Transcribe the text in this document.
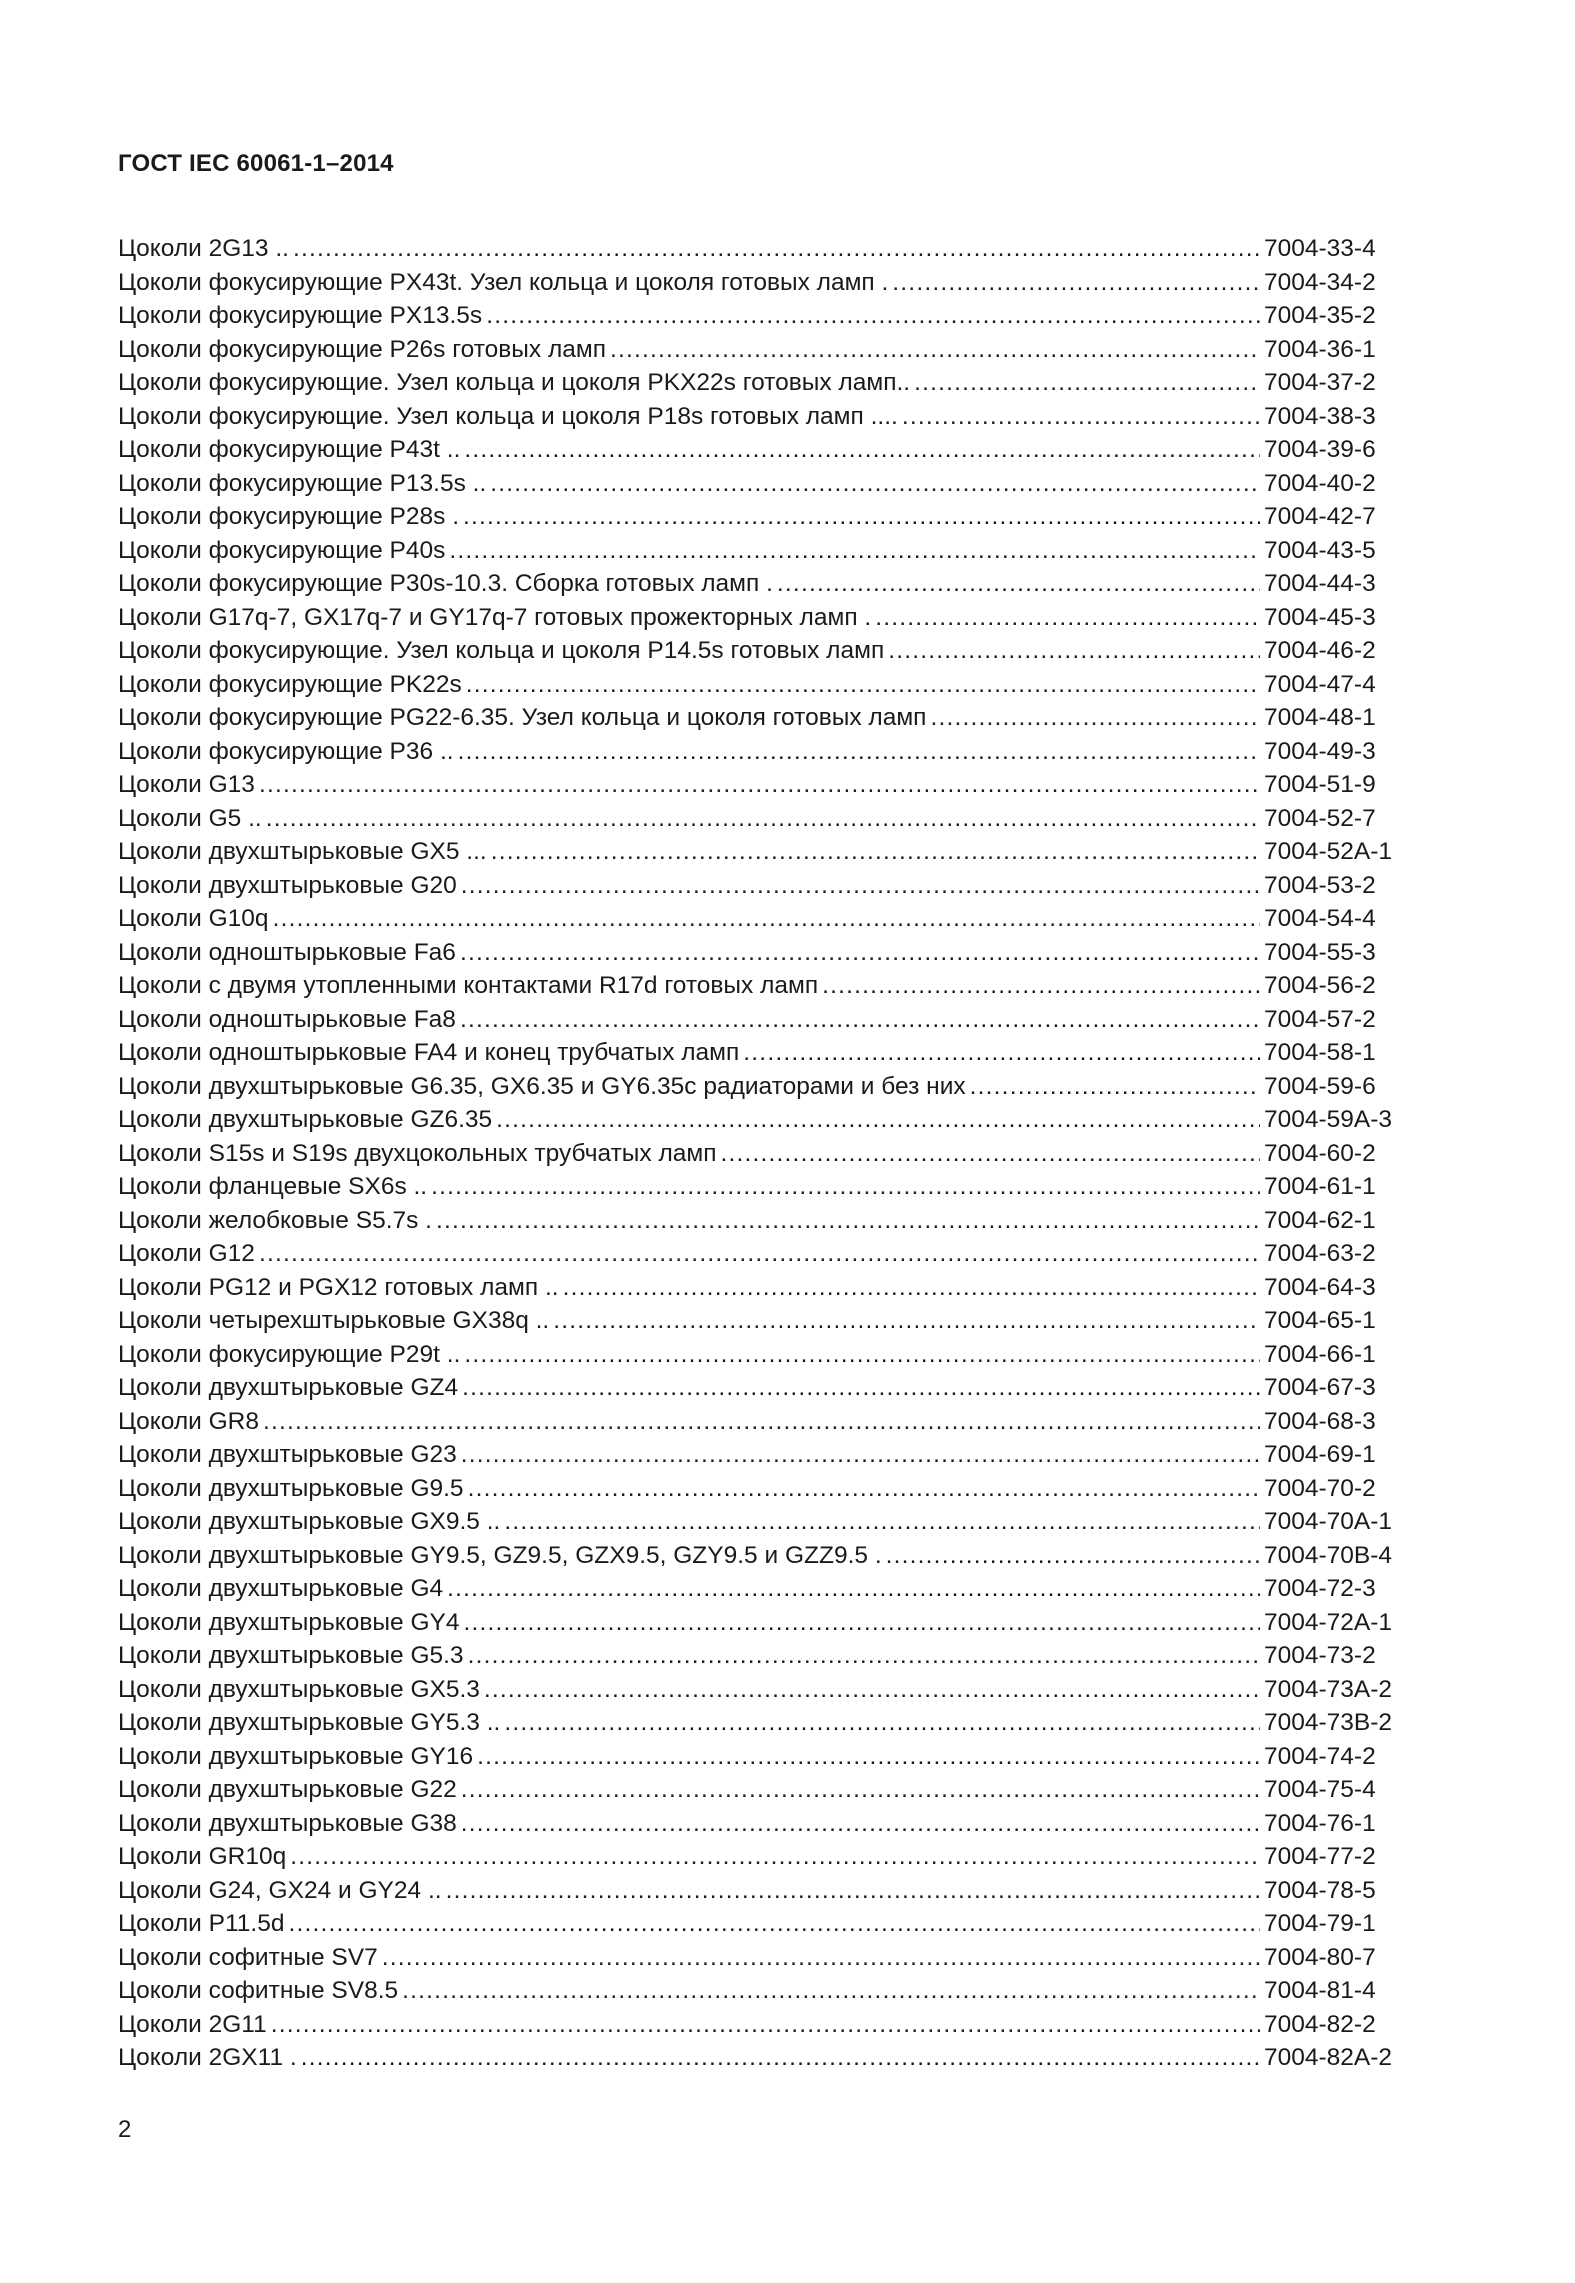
ГОСТ IEC 60061-1–2014
Цоколи 2G13 .. .....	7004-33-4
Цоколи фокусирующие PX43t. Узел кольца и цоколя готовых ламп . .....	7004-34-2
Цоколи фокусирующие PX13.5s .....	7004-35-2
Цоколи фокусирующие P26s готовых ламп .....	7004-36-1
Цоколи фокусирующие. Узел кольца и цоколя PKX22s готовых ламп.. .....	7004-37-2
Цоколи фокусирующие. Узел кольца и цоколя P18s готовых ламп .... .....	7004-38-3
Цоколи фокусирующие P43t .. .....	7004-39-6
Цоколи фокусирующие P13.5s .. .....	7004-40-2
Цоколи фокусирующие P28s . .....	7004-42-7
Цоколи фокусирующие P40s .....	7004-43-5
Цоколи фокусирующие P30s-10.3. Сборка готовых ламп . .....	7004-44-3
Цоколи G17q-7, GX17q-7 и GY17q-7 готовых прожекторных ламп . .....	7004-45-3
Цоколи фокусирующие. Узел кольца и цоколя P14.5s готовых ламп .....	7004-46-2
Цоколи фокусирующие PK22s .....	7004-47-4
Цоколи фокусирующие PG22-6.35. Узел кольца и цоколя готовых ламп .....	7004-48-1
Цоколи фокусирующие P36 .. .....	7004-49-3
Цоколи G13 .....	7004-51-9
Цоколи G5 .. .....	7004-52-7
Цоколи двухштырьковые GX5 ... .....	7004-52A-1
Цоколи двухштырьковые G20 .....	7004-53-2
Цоколи G10q .....	7004-54-4
Цоколи одноштырьковые Fa6 .....	7004-55-3
Цоколи с двумя утопленными контактами R17d готовых ламп .....	7004-56-2
Цоколи одноштырьковые Fa8 .....	7004-57-2
Цоколи одноштырьковые FA4 и конец трубчатых ламп .....	7004-58-1
Цоколи двухштырьковые G6.35, GX6.35 и GY6.35c радиаторами и без них .....	7004-59-6
Цоколи двухштырьковые GZ6.35 .....	7004-59A-3
Цоколи S15s и S19s двухцокольных трубчатых ламп .....	7004-60-2
Цоколи фланцевые SX6s .. .....	7004-61-1
Цоколи желобковые S5.7s . .....	7004-62-1
Цоколи G12 .....	7004-63-2
Цоколи PG12 и PGX12 готовых ламп .. .....	7004-64-3
Цоколи четырехштырьковые GX38q .. .....	7004-65-1
Цоколи фокусирующие P29t .. .....	7004-66-1
Цоколи двухштырьковые GZ4 .....	7004-67-3
Цоколи GR8 .....	7004-68-3
Цоколи двухштырьковые G23 .....	7004-69-1
Цоколи двухштырьковые G9.5 .....	7004-70-2
Цоколи двухштырьковые GX9.5 .. .....	7004-70A-1
Цоколи двухштырьковые GY9.5, GZ9.5, GZX9.5, GZY9.5 и GZZ9.5 . .....	7004-70B-4
Цоколи двухштырьковые G4 .....	7004-72-3
Цоколи двухштырьковые GY4 .....	7004-72A-1
Цоколи двухштырьковые G5.3 .....	7004-73-2
Цоколи двухштырьковые GX5.3 .....	7004-73A-2
Цоколи двухштырьковые GY5.3 .. .....	7004-73B-2
Цоколи двухштырьковые GY16 .....	7004-74-2
Цоколи двухштырьковые G22 .....	7004-75-4
Цоколи двухштырьковые G38 .....	7004-76-1
Цоколи GR10q .....	7004-77-2
Цоколи G24, GX24 и GY24 .. .....	7004-78-5
Цоколи P11.5d .....	7004-79-1
Цоколи софитные SV7 .....	7004-80-7
Цоколи софитные SV8.5 .....	7004-81-4
Цоколи 2G11 .....	7004-82-2
Цоколи 2GX11 . .....	7004-82A-2

2
